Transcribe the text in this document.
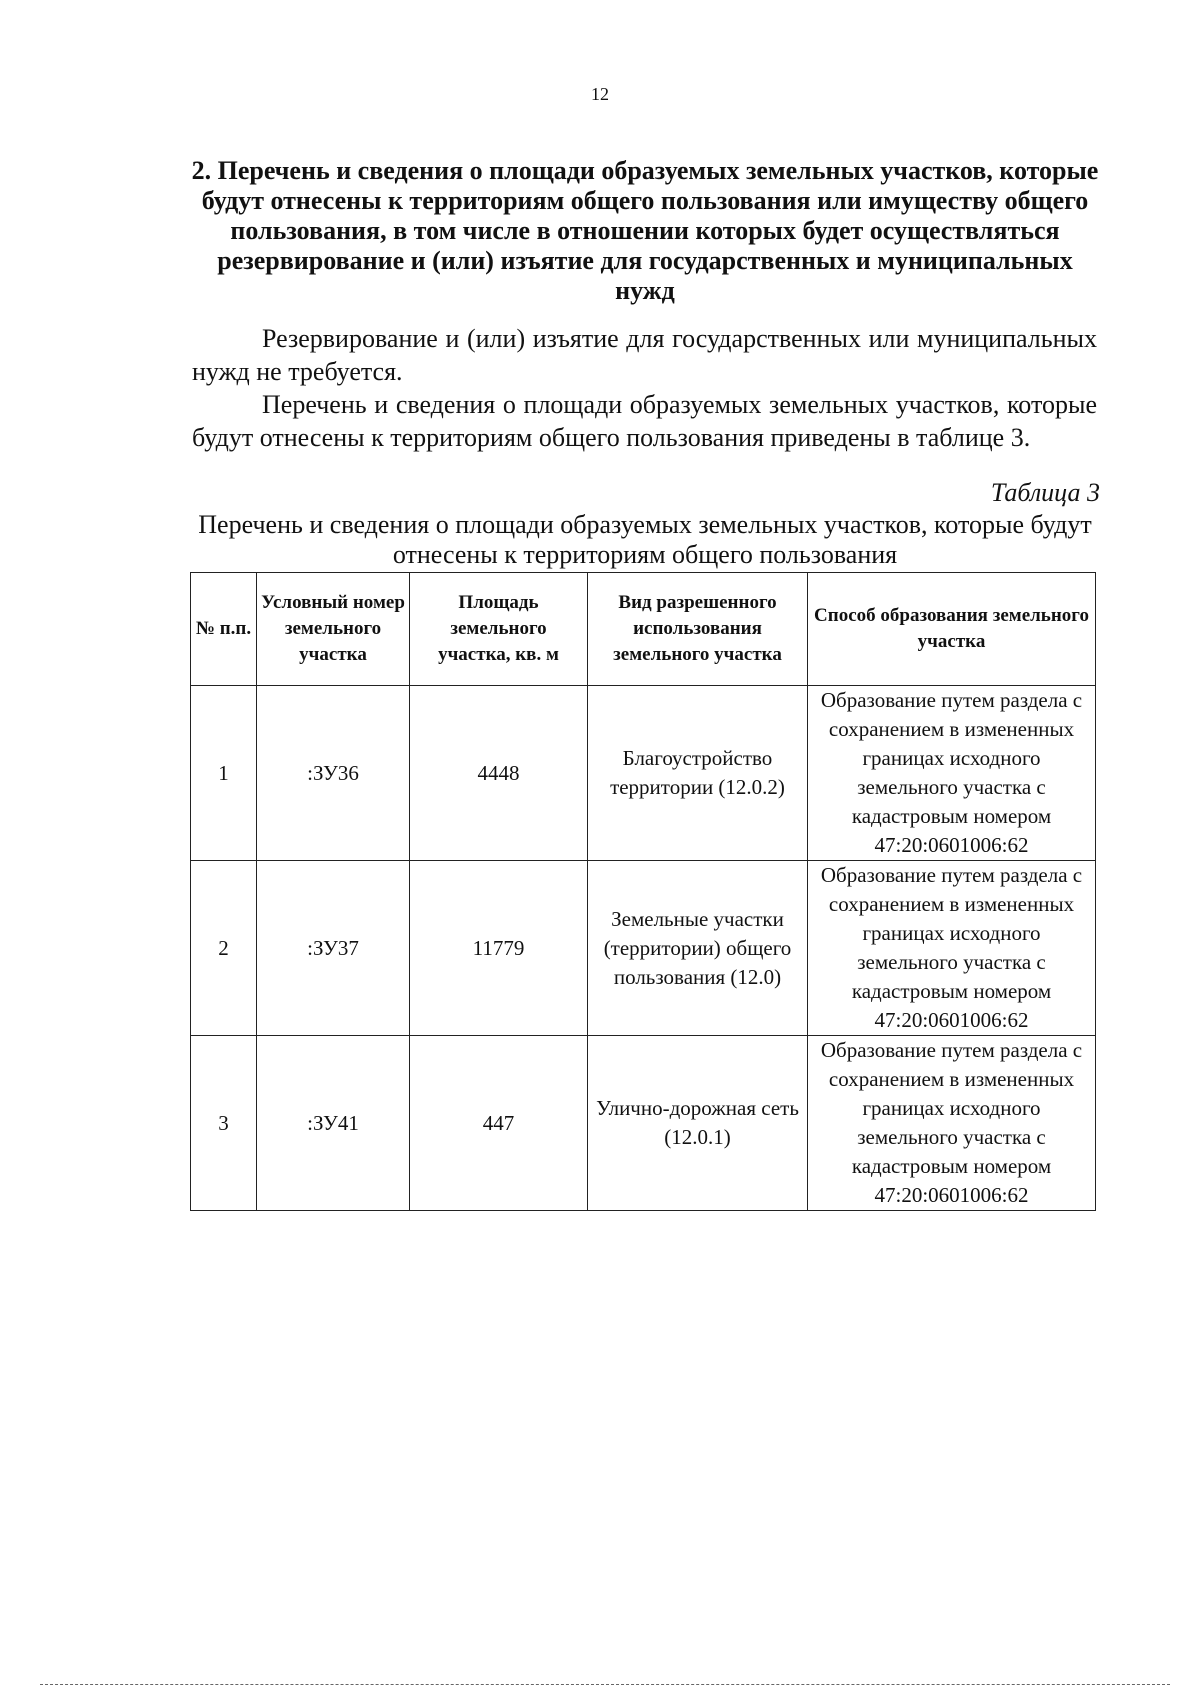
12
2. Перечень и сведения о площади образуемых земельных участков, которые будут отнесены к территориям общего пользования или имуществу общего пользования, в том числе в отношении которых будет осуществляться резервирование и (или) изъятие для государственных и муниципальных нужд
Резервирование и (или) изъятие для государственных или муниципальных нужд не требуется.
Перечень и сведения о площади образуемых земельных участков, которые будут отнесены к территориям общего пользования приведены в таблице 3.
Таблица 3
Перечень и сведения о площади образуемых земельных участков, которые будут отнесены к территориям общего пользования
№ п.п.	Условный номер земельного участка	Площадь земельного участка, кв. м	Вид разрешенного использования земельного участка	Способ образования земельного участка
1	:ЗУ36	4448	Благоустройство территории (12.0.2)	Образование путем раздела с сохранением в измененных границах исходного земельного участка с кадастровым номером 47:20:0601006:62
2	:ЗУ37	11779	Земельные участки (территории) общего пользования (12.0)	Образование путем раздела с сохранением в измененных границах исходного земельного участка с кадастровым номером 47:20:0601006:62
3	:ЗУ41	447	Улично-дорожная сеть (12.0.1)	Образование путем раздела с сохранением в измененных границах исходного земельного участка с кадастровым номером 47:20:0601006:62
